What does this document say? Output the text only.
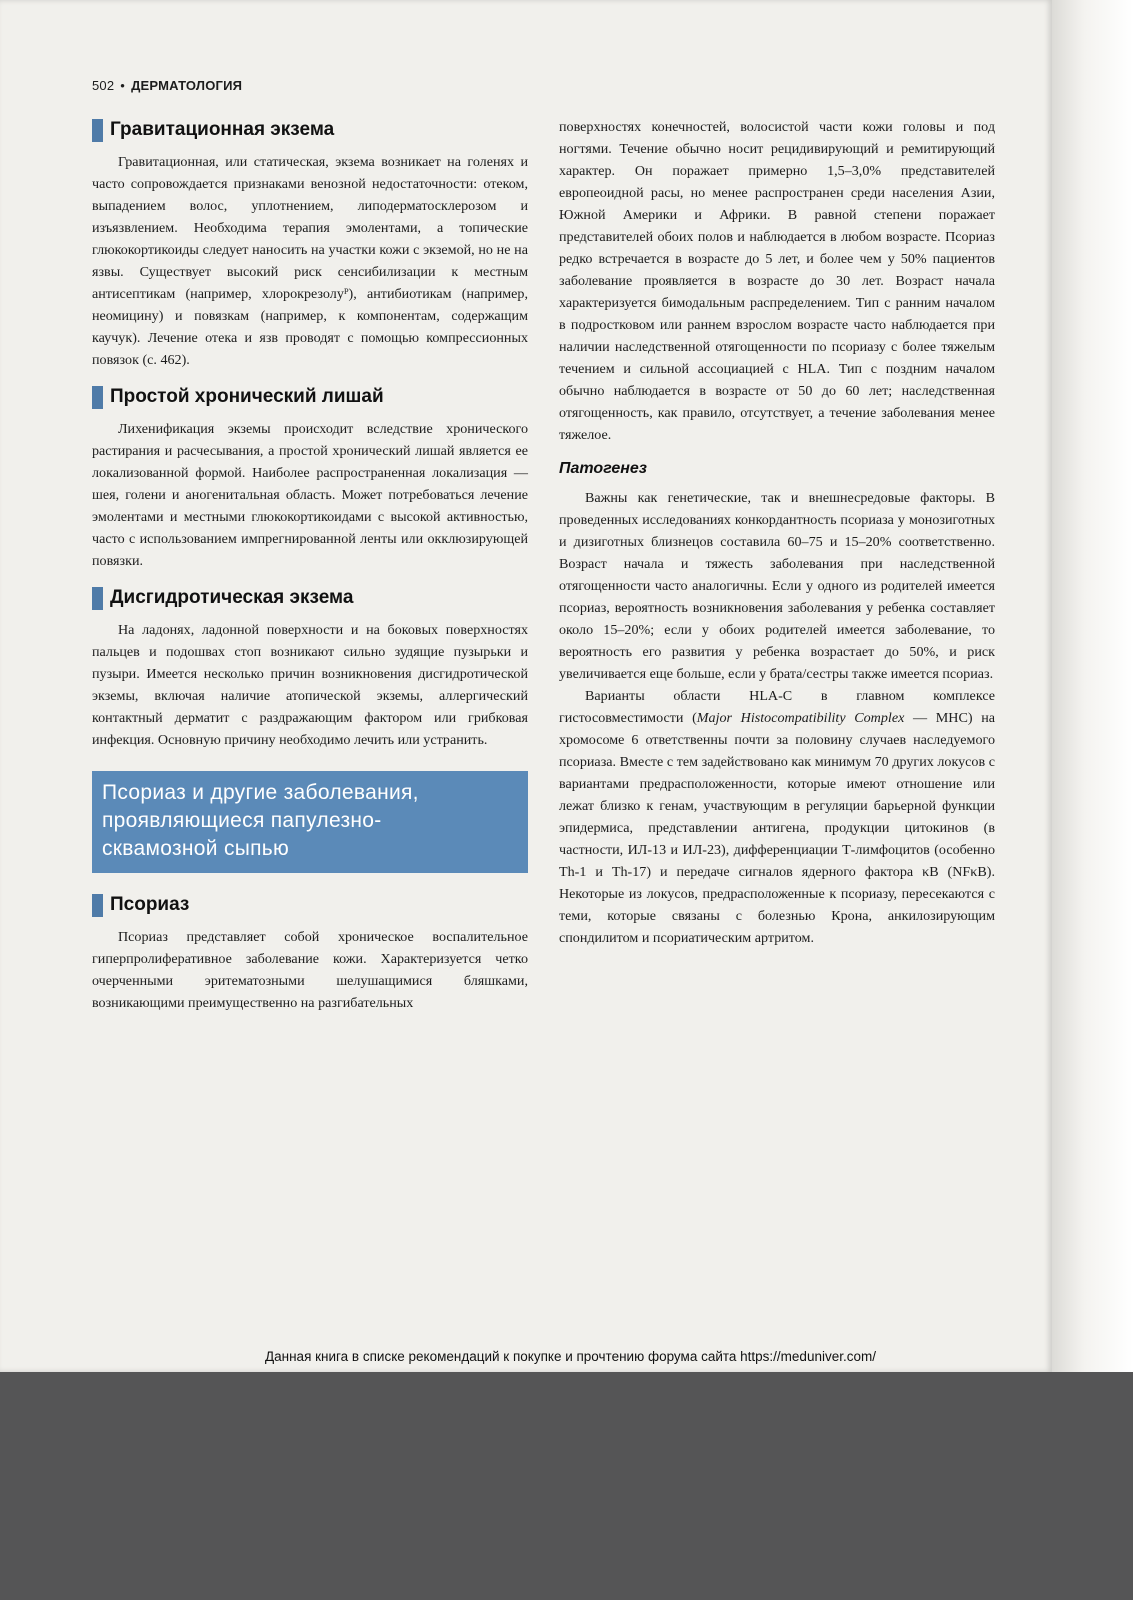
502 • ДЕРМАТОЛОГИЯ
Гравитационная экзема

Гравитационная, или статическая, экзема возникает на голенях и часто сопровождается признаками венозной недостаточности: отеком, выпадением волос, уплотнением, липодерматосклерозом и изъязвлением. Необходима терапия эмолентами, а топические глюкокортикоиды следует наносить на участки кожи с экземой, но не на язвы. Существует высокий риск сенсибилизации к местным антисептикам (например, хлорокрезолуᴾ), антибиотикам (например, неомицину) и повязкам (например, к компонентам, содержащим каучук). Лечение отека и язв проводят с помощью компрессионных повязок (с. 462).

Простой хронический лишай

Лихенификация экземы происходит вследствие хронического растирания и расчесывания, а простой хронический лишай является ее локализованной формой. Наиболее распространенная локализация — шея, голени и аногенитальная область. Может потребоваться лечение эмолентами и местными глюкокортикоидами с высокой активностью, часто с использованием импрегнированной ленты или окклюзирующей повязки.

Дисгидротическая экзема

На ладонях, ладонной поверхности и на боковых поверхностях пальцев и подошвах стоп возникают сильно зудящие пузырьки и пузыри. Имеется несколько причин возникновения дисгидротической экземы, включая наличие атопической экземы, аллергический контактный дерматит с раздражающим фактором или грибковая инфекция. Основную причину необходимо лечить или устранить.

Псориаз и другие заболевания,
проявляющиеся папулезно-
сквамозной сыпью
Псориаз

Псориаз представляет собой хроническое воспалительное гиперпролиферативное заболевание кожи. Характеризуется четко очерченными эритематозными шелушащимися бляшками, возникающими преимущественно на разгибательных

поверхностях конечностей, волосистой части кожи головы и под ногтями. Течение обычно носит рецидивирующий и ремитирующий характер. Он поражает примерно 1,5–3,0% представителей европеоидной расы, но менее распространен среди населения Азии, Южной Америки и Африки. В равной степени поражает представителей обоих полов и наблюдается в любом возрасте. Псориаз редко встречается в возрасте до 5 лет, и более чем у 50% пациентов заболевание проявляется в возрасте до 30 лет. Возраст начала характеризуется бимодальным распределением. Тип с ранним началом в подростковом или раннем взрослом возрасте часто наблюдается при наличии наследственной отягощенности по псориазу с более тяжелым течением и сильной ассоциацией с HLA. Тип с поздним началом обычно наблюдается в возрасте от 50 до 60 лет; наследственная отягощенность, как правило, отсутствует, а течение заболевания менее тяжелое.

Патогенез

Важны как генетические, так и внешнесредовые факторы. В проведенных исследованиях конкордантность псориаза у монозиготных и дизиготных близнецов составила 60–75 и 15–20% соответственно. Возраст начала и тяжесть заболевания при наследственной отягощенности часто аналогичны. Если у одного из родителей имеется псориаз, вероятность возникновения заболевания у ребенка составляет около 15–20%; если у обоих родителей имеется заболевание, то вероятность его развития у ребенка возрастает до 50%, и риск увеличивается еще больше, если у брата/сестры также имеется псориаз.

Варианты области HLA-C в главном комплексе гистосовместимости (Major Histocompatibility Complex — MHC) на хромосоме 6 ответственны почти за половину случаев наследуемого псориаза. Вместе с тем задействовано как минимум 70 других локусов с вариантами предрасположенности, которые имеют отношение или лежат близко к генам, участвующим в регуляции барьерной функции эпидермиса, представлении антигена, продукции цитокинов (в частности, ИЛ-13 и ИЛ-23), дифференциации Т-лимфоцитов (особенно Th-1 и Th-17) и передаче сигналов ядерного фактора κB (NFκB). Некоторые из локусов, предрасположенные к псориазу, пересекаются с теми, которые связаны с болезнью Крона, анкилозирующим спондилитом и псориатическим артритом.

Данная книга в списке рекомендаций к покупке и прочтению форума сайта https://meduniver.com/
